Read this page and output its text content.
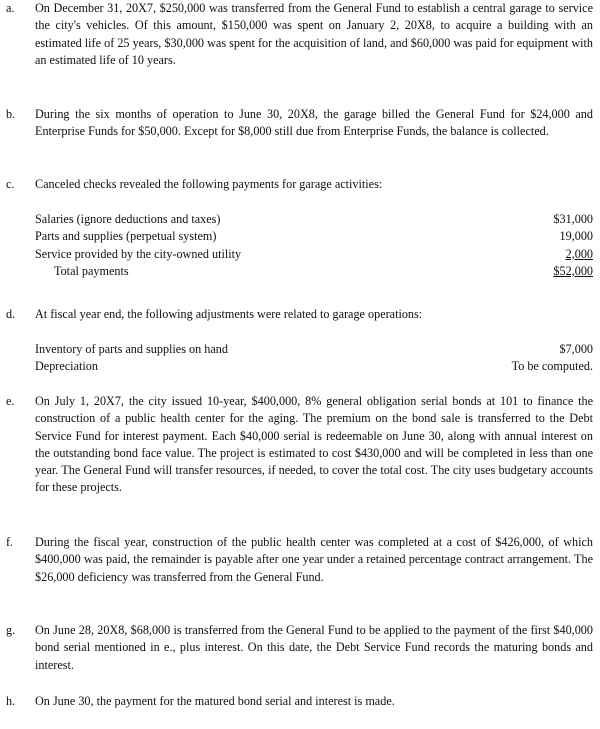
a. On December 31, 20X7, $250,000 was transferred from the General Fund to establish a central garage to service the city's vehicles. Of this amount, $150,000 was spent on January 2, 20X8, to acquire a building with an estimated life of 25 years, $30,000 was spent for the acquisition of land, and $60,000 was paid for equipment with an estimated life of 10 years.

b. During the six months of operation to June 30, 20X8, the garage billed the General Fund for $24,000 and Enterprise Funds for $50,000. Except for $8,000 still due from Enterprise Funds, the balance is collected.

c. Canceled checks revealed the following payments for garage activities:

Salaries (ignore deductions and taxes)	$31,000
Parts and supplies (perpetual system)	19,000
Service provided by the city-owned utility	2,000
Total payments	$52,000
d. At fiscal year end, the following adjustments were related to garage operations:

Inventory of parts and supplies on hand	$7,000
Depreciation	To be computed.
e. On July 1, 20X7, the city issued 10-year, $400,000, 8% general obligation serial bonds at 101 to finance the construction of a public health center for the aging. The premium on the bond sale is transferred to the Debt Service Fund for interest payment. Each $40,000 serial is redeemable on June 30, along with annual interest on the outstanding bond face value. The project is estimated to cost $430,000 and will be completed in less than one year. The General Fund will transfer resources, if needed, to cover the total cost. The city uses budgetary accounts for these projects.

f. During the fiscal year, construction of the public health center was completed at a cost of $426,000, of which $400,000 was paid, the remainder is payable after one year under a retained percentage contract arrangement. The $26,000 deficiency was transferred from the General Fund.

g. On June 28, 20X8, $68,000 is transferred from the General Fund to be applied to the payment of the first $40,000 bond serial mentioned in e., plus interest. On this date, the Debt Service Fund records the maturing bonds and interest.

h. On June 30, the payment for the matured bond serial and interest is made.
